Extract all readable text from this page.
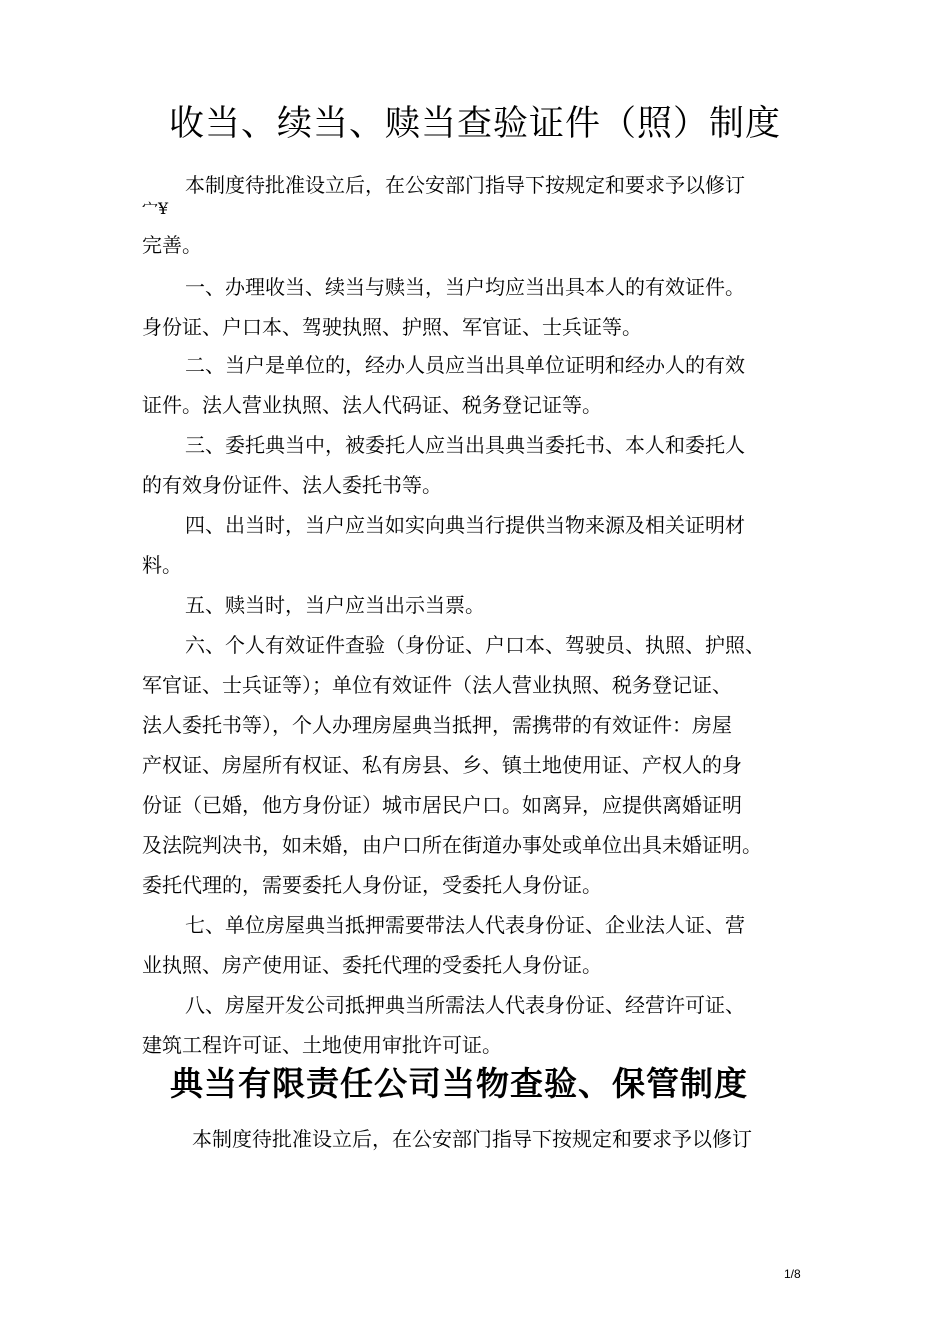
收当、续当、赎当查验证件（照）制度
本制度待批准设立后，在公安部门指导下按规定和要求予以修订
宀¥
完善。
一、办理收当、续当与赎当，当户均应当出具本人的有效证件。
身份证、户口本、驾驶执照、护照、军官证、士兵证等。
二、当户是单位的，经办人员应当出具单位证明和经办人的有效
证件。法人营业执照、法人代码证、税务登记证等。
三、委托典当中，被委托人应当出具典当委托书、本人和委托人
的有效身份证件、法人委托书等。
四、出当时，当户应当如实向典当行提供当物来源及相关证明材
料。
五、赎当时，当户应当出示当票。
六、个人有效证件查验（身份证、户口本、驾驶员、执照、护照、
军官证、士兵证等）；单位有效证件（法人营业执照、税务登记证、
法人委托书等），个人办理房屋典当抵押，需携带的有效证件：房屋
产权证、房屋所有权证、私有房县、乡、镇土地使用证、产权人的身
份证（已婚，他方身份证）城市居民户口。如离异，应提供离婚证明
及法院判决书，如未婚，由户口所在街道办事处或单位出具未婚证明。
委托代理的，需要委托人身份证，受委托人身份证。
七、单位房屋典当抵押需要带法人代表身份证、企业法人证、营
业执照、房产使用证、委托代理的受委托人身份证。
八、房屋开发公司抵押典当所需法人代表身份证、经营许可证、
建筑工程许可证、土地使用审批许可证。
典当有限责任公司当物查验、保管制度
本制度待批准设立后，在公安部门指导下按规定和要求予以修订
1/8
